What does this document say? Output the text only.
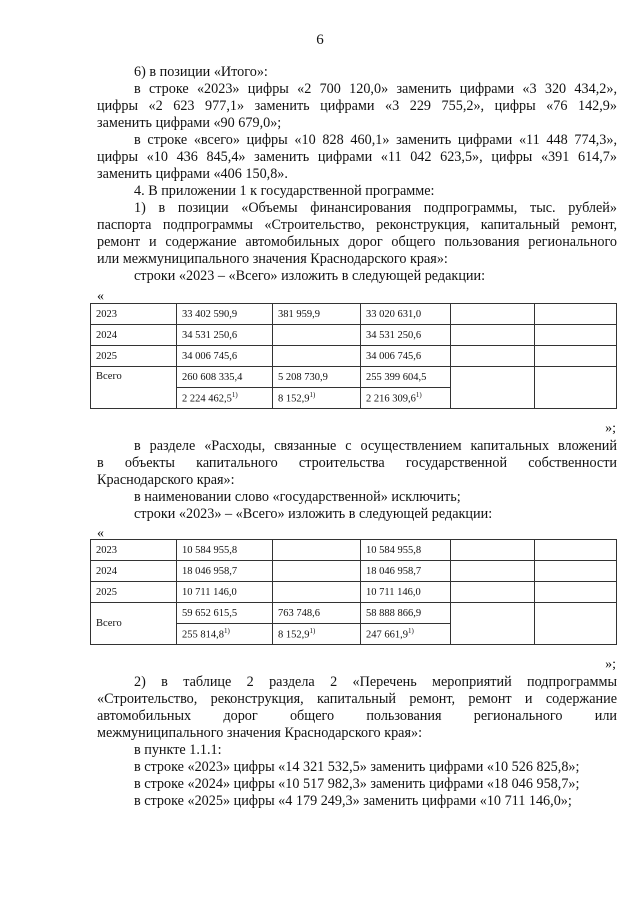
6
6) в позиции «Итого»:
в строке «2023» цифры «2 700 120,0» заменить цифрами «3 320 434,2»,
цифры «2 623 977,1» заменить цифрами «3 229 755,2», цифры «76 142,9»
заменить цифрами «90 679,0»;
в строке «всего» цифры «10 828 460,1» заменить цифрами «11 448 774,3»,
цифры «10 436 845,4» заменить цифрами «11 042 623,5», цифры «391 614,7»
заменить цифрами «406 150,8».
4. В приложении 1 к государственной программе:
1) в позиции «Объемы финансирования подпрограммы, тыс. рублей»
паспорта подпрограммы «Строительство, реконструкция, капитальный ремонт,
ремонт и содержание автомобильных дорог общего пользования регионального
или межмуниципального значения Краснодарского края»:
строки «2023 – «Всего» изложить в следующей редакции:
«
2023	33 402 590,9	381 959,9	33 020 631,0		
2024	34 531 250,6		34 531 250,6		
2025	34 006 745,6		34 006 745,6		
Всего	260 608 335,4	5 208 730,9	255 399 604,5		
	2 224 462,5$^{1)}$	8 152,9$^{1)}$	2 216 309,6$^{1)}$
»;
в разделе «Расходы, связанные с осуществлением капитальных вложений
в объекты капитального строительства государственной собственности
Краснодарского края»:
в наименовании слово «государственной» исключить;
строки «2023» – «Всего» изложить в следующей редакции:
«
2023	10 584 955,8		10 584 955,8		
2024	18 046 958,7		18 046 958,7		
2025	10 711 146,0		10 711 146,0		
Всего	59 652 615,5	763 748,6	58 888 866,9		
	255 814,8$^{1)}$	8 152,9$^{1)}$	247 661,9$^{1)}$
»;
2) в таблице 2 раздела 2 «Перечень мероприятий подпрограммы
«Строительство, реконструкция, капитальный ремонт, ремонт и содержание
автомобильных дорог общего пользования регионального или
межмуниципального значения Краснодарского края»:
в пункте 1.1.1:
в строке «2023» цифры «14 321 532,5» заменить цифрами «10 526 825,8»;
в строке «2024» цифры «10 517 982,3» заменить цифрами «18 046 958,7»;
в строке «2025» цифры «4 179 249,3» заменить цифрами «10 711 146,0»;
